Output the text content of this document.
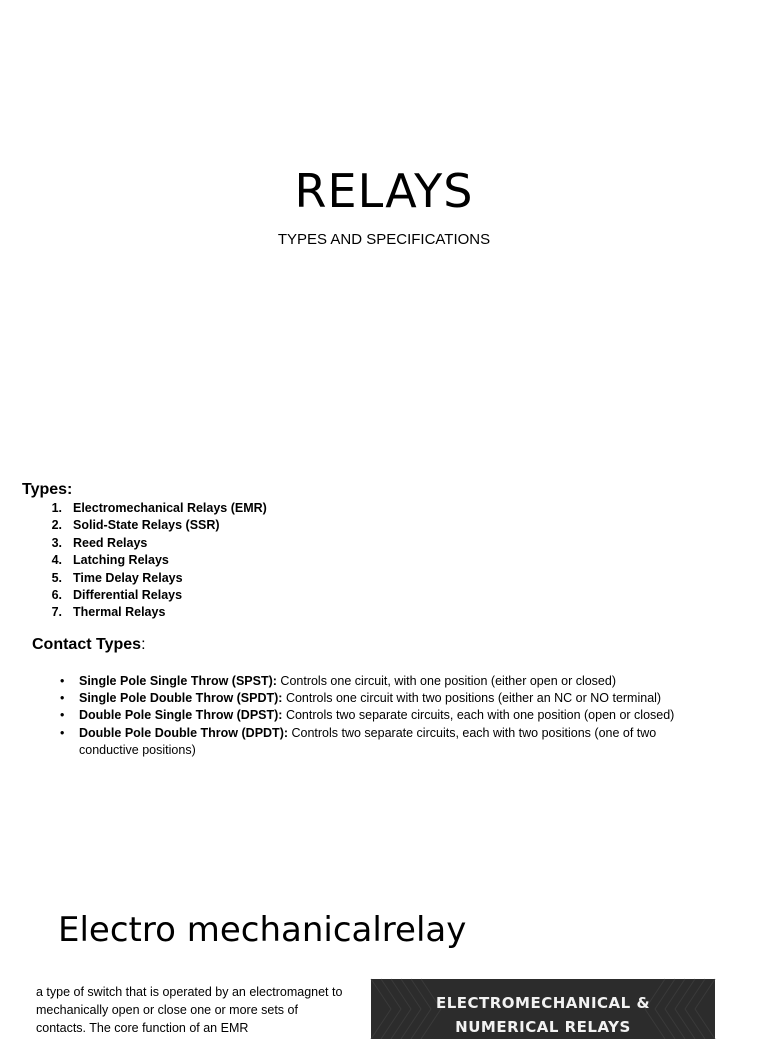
RELAYS

TYPES AND SPECIFICATIONS

Types:

1. Electromechanical Relays (EMR)
2. Solid-State Relays (SSR)
3. Reed Relays
4. Latching Relays
5. Time Delay Relays
6. Differential Relays
7. Thermal Relays

Contact Types:

• Single Pole Single Throw (SPST): Controls one circuit, with one position (either open or closed)
• Single Pole Double Throw (SPDT): Controls one circuit with two positions (either an NC or NO terminal)
• Double Pole Single Throw (DPST): Controls two separate circuits, each with one position (open or closed)
• Double Pole Double Throw (DPDT): Controls two separate circuits, each with two positions (one of two conductive positions)
Electro mechanicalrelay

a type of switch that is operated by an electromagnet to mechanically open or close one or more sets of contacts. The core function of an EMR

ELECTROMECHANICAL &
NUMERICAL RELAYS
